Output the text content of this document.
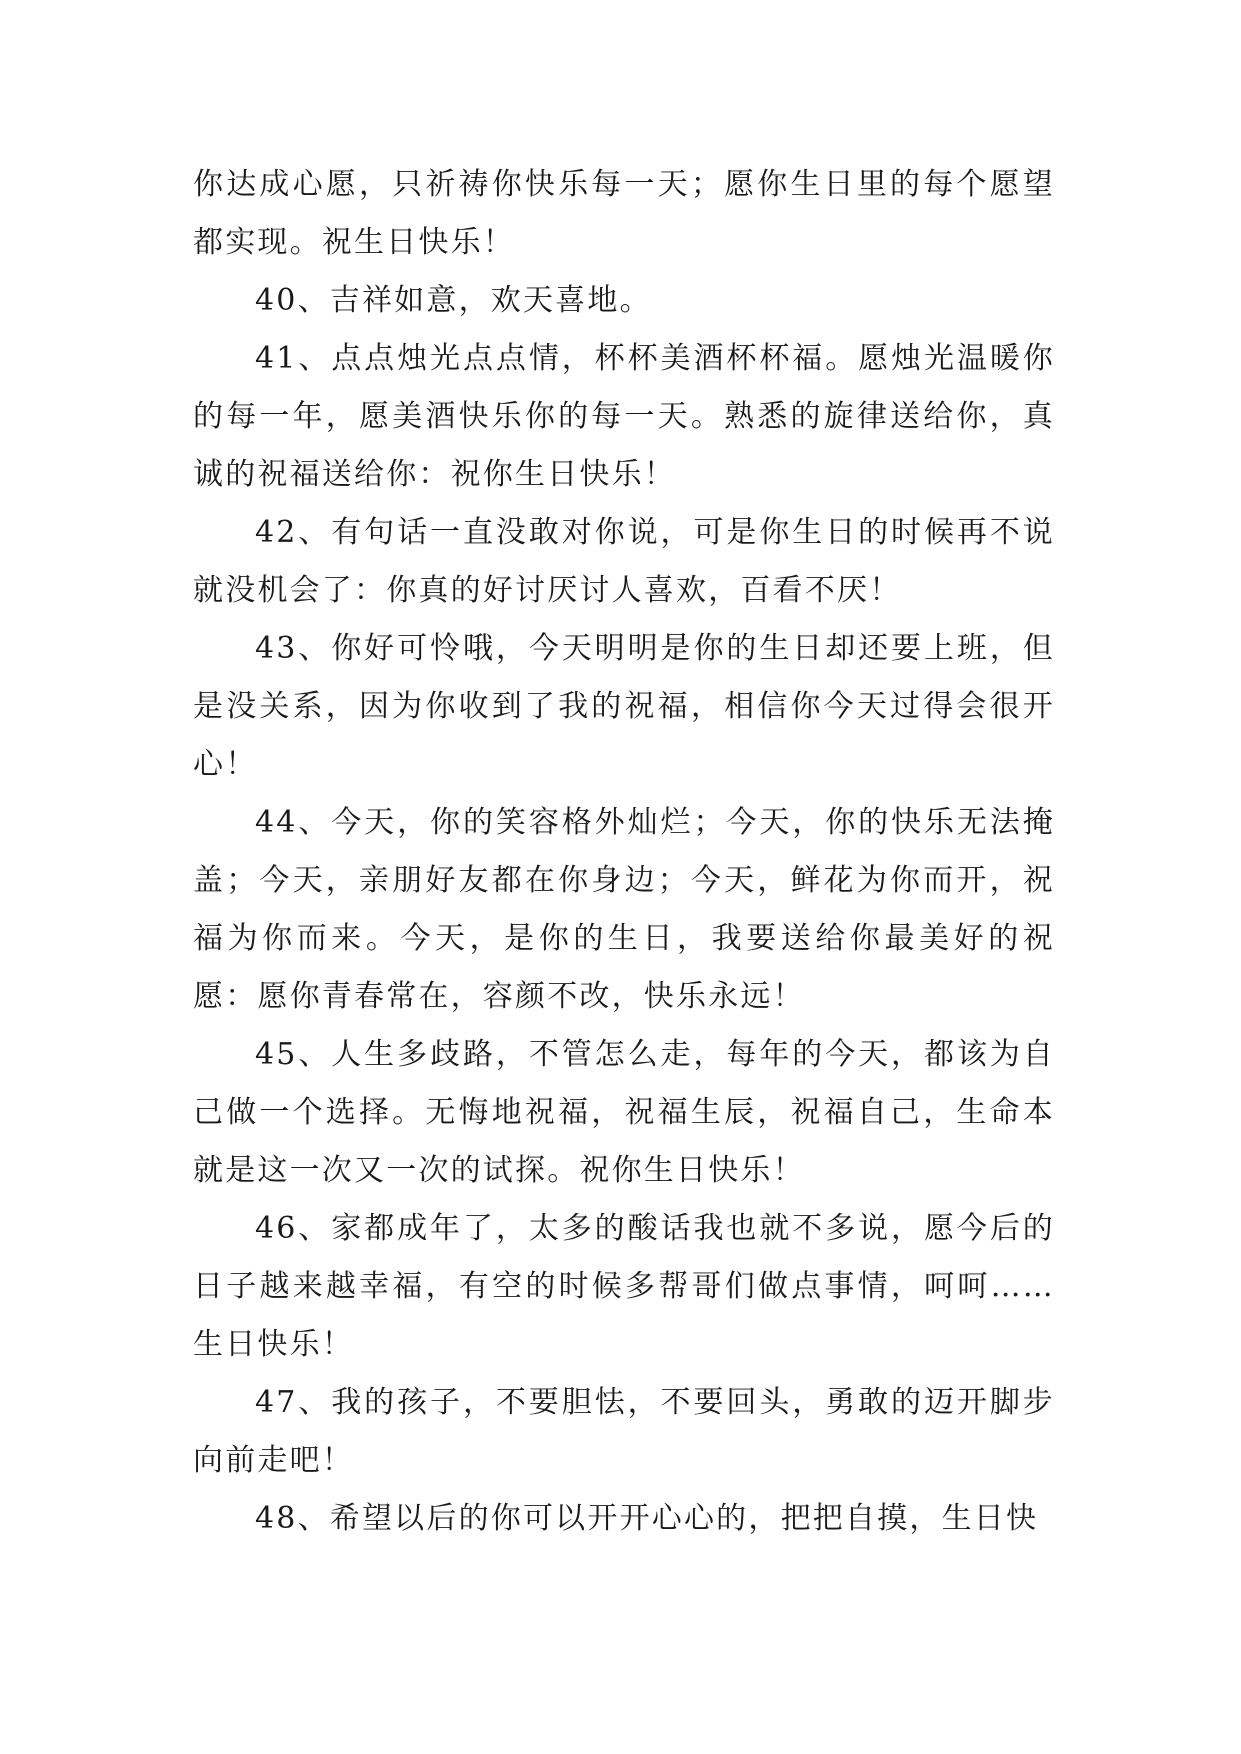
你达成心愿，只祈祷你快乐每一天；愿你生日里的每个愿望都实现。祝生日快乐！

40、吉祥如意，欢天喜地。

41、点点烛光点点情，杯杯美酒杯杯福。愿烛光温暖你的每一年，愿美酒快乐你的每一天。熟悉的旋律送给你，真诚的祝福送给你：祝你生日快乐！

42、有句话一直没敢对你说，可是你生日的时候再不说就没机会了：你真的好讨厌讨人喜欢，百看不厌！

43、你好可怜哦，今天明明是你的生日却还要上班，但是没关系，因为你收到了我的祝福，相信你今天过得会很开心！

44、今天，你的笑容格外灿烂；今天，你的快乐无法掩盖；今天，亲朋好友都在你身边；今天，鲜花为你而开，祝福为你而来。今天，是你的生日，我要送给你最美好的祝愿：愿你青春常在，容颜不改，快乐永远！

45、人生多歧路，不管怎么走，每年的今天，都该为自己做一个选择。无悔地祝福，祝福生辰，祝福自己，生命本就是这一次又一次的试探。祝你生日快乐！

46、家都成年了，太多的酸话我也就不多说，愿今后的日子越来越幸福，有空的时候多帮哥们做点事情，呵呵……生日快乐！

47、我的孩子，不要胆怯，不要回头，勇敢的迈开脚步向前走吧！

48、希望以后的你可以开开心心的，把把自摸，生日快
